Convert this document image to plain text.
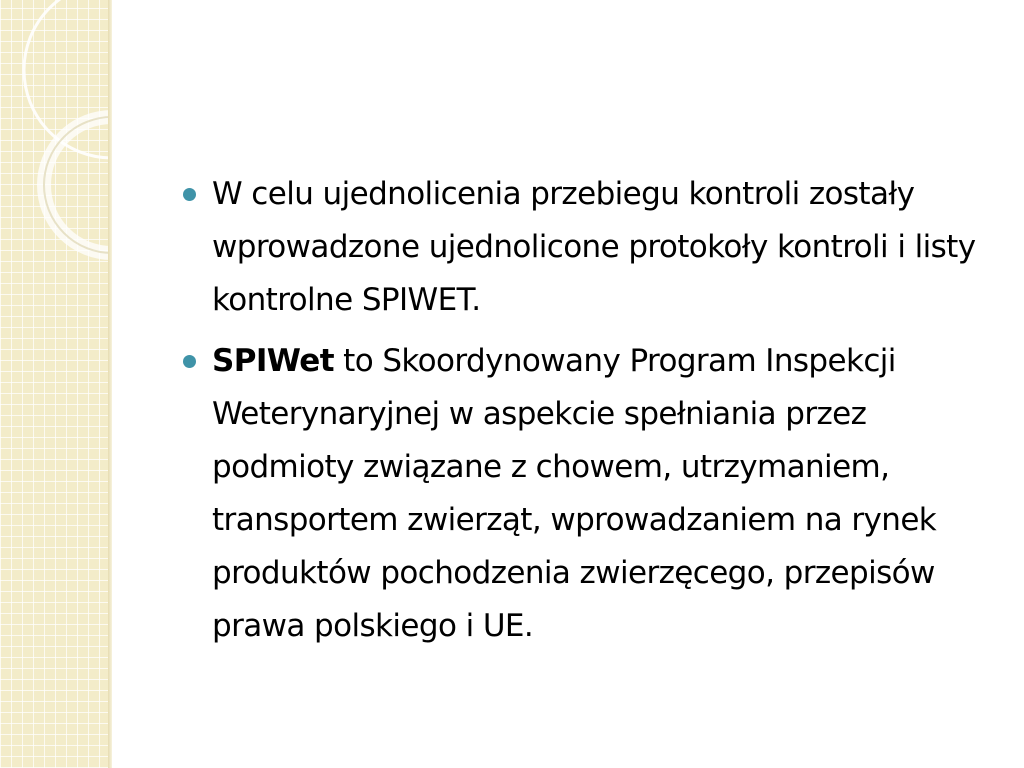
W celu ujednolicenia przebiegu kontroli zostały wprowadzone ujednolicone protokoły kontroli i listy kontrolne SPIWET.
SPIWet to Skoordynowany Program Inspekcji Weterynaryjnej w aspekcie spełniania przez podmioty związane z chowem, utrzymaniem, transportem zwierząt, wprowadzaniem na rynek produktów pochodzenia zwierzęcego, przepisów prawa polskiego i UE.
